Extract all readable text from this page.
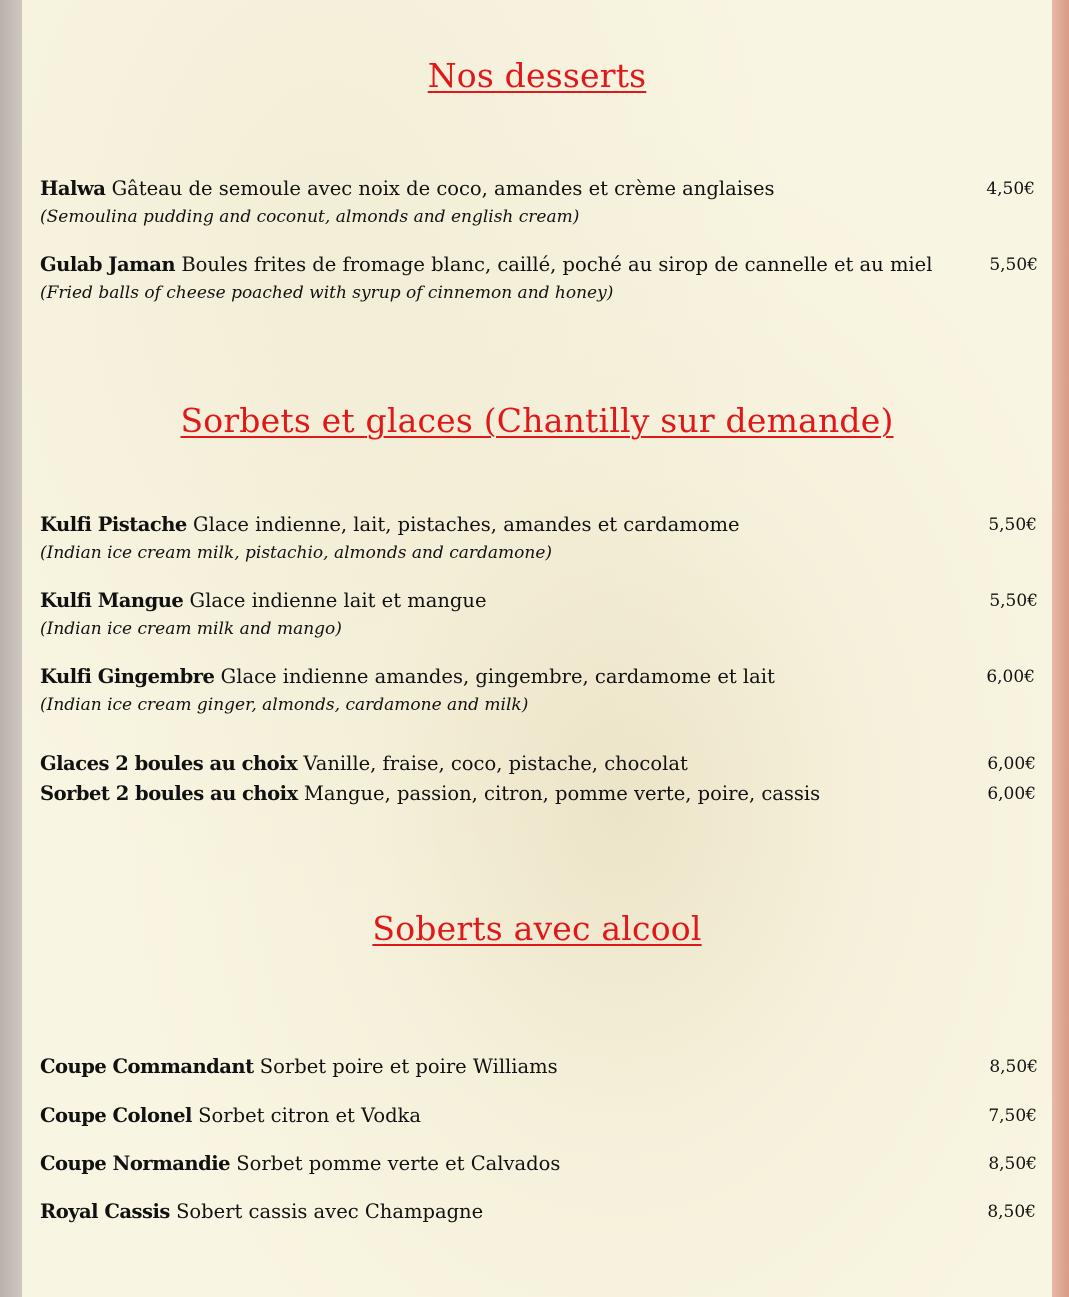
Nos desserts
Halwa Gâteau de semoule avec noix de coco, amandes et crème anglaises	4,50€
(Semoulina pudding and coconut, almonds and english cream)
Gulab Jaman Boules frites de fromage blanc, caillé, poché au sirop de cannelle et au miel	5,50€
(Fried balls of cheese poached with syrup of cinnemon and honey)
Sorbets et glaces (Chantilly sur demande)
Kulfi Pistache Glace indienne, lait, pistaches, amandes et cardamome	5,50€
(Indian ice cream milk, pistachio, almonds and cardamone)
Kulfi Mangue Glace indienne lait et mangue	5,50€
(Indian ice cream milk and mango)
Kulfi Gingembre Glace indienne amandes, gingembre, cardamome et lait	6,00€
(Indian ice cream ginger, almonds, cardamone and milk)
Glaces 2 boules au choix Vanille, fraise, coco, pistache, chocolat	6,00€
Sorbet 2 boules au choix Mangue, passion, citron, pomme verte, poire, cassis	6,00€
Soberts avec alcool
Coupe Commandant Sorbet poire et poire Williams	8,50€
Coupe Colonel Sorbet citron et Vodka	7,50€
Coupe Normandie Sorbet pomme verte et Calvados	8,50€
Royal Cassis Sobert cassis avec Champagne	8,50€
